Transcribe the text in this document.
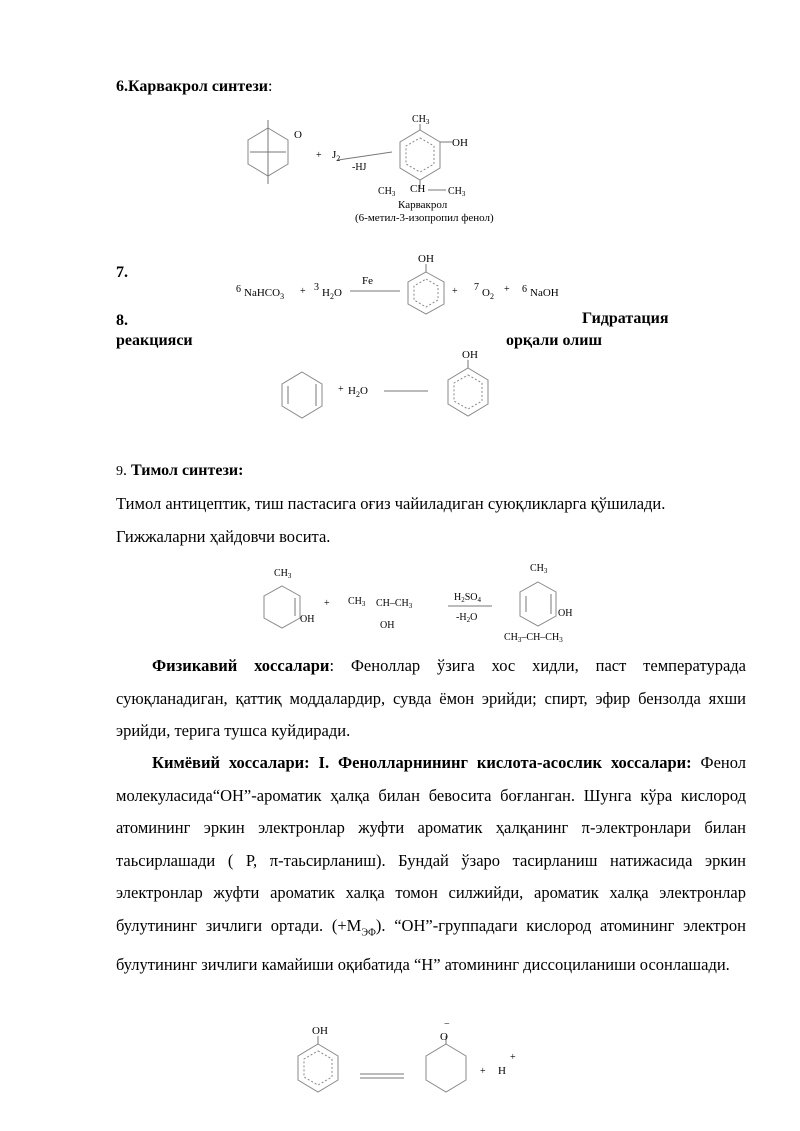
6.Карвакрол синтези:
O
+ $J_2$
-HJ
$CH_3$
OH
$CH_3$ CH $CH_3$
Карвакрол
(6-метил-3-изопропил фенол)
7.
6 NaHCO$_3$ + 3 $H_2O$
Fe
OH
+ 7 $O_2$
+ 6 NaOH
8.	Гидратация
реакцияси	орқали олиш
+ $H_2O$
OH
9. Тимол синтези:
Тимол антицептик, тиш пастасига оғиз чайиладиган суюқликларга қўшилади.
Гижжаларни ҳайдовчи восита.
$CH_3$
OH
+ $CH_3$ $CH-CH_3$
OH
$H_2SO_4$
$-H_2O$
$CH_3$
OH
$CH_3-CH-CH_3$
Физикавий хоссалари: Феноллар ўзига хос хидли, паст температурада суюқланадиган, қаттиқ моддалардир, сувда ёмон эрийди; спирт, эфир бензолда яхши эрийди, терига тушса куйдиради.
Кимёвий хоссалари: I. Фенолларнининг кислота-асослик хоссалари: Фенол молекуласида“ОН”-ароматик ҳалқа билан бевосита боғланган. Шунга кўра кислород атомининг эркин электронлар жуфти ароматик ҳалқанинг π-электронлари билан таьсирлашади ( Р, π-таьсирланиш). Бундай ўзаро тасирланиш натижасида эркин электронлар жуфти ароматик халқа томон силжийди, ароматик халқа электронлар булутининг зичлиги ортади. $(+М_{ЭФ})$. “ОН”-группадаги кислород атомининг электрон булутининг зичлиги камайиши оқибатида “Н” атомининг диссоциланиши осонлашади.
OH	O
−
+ H
+
